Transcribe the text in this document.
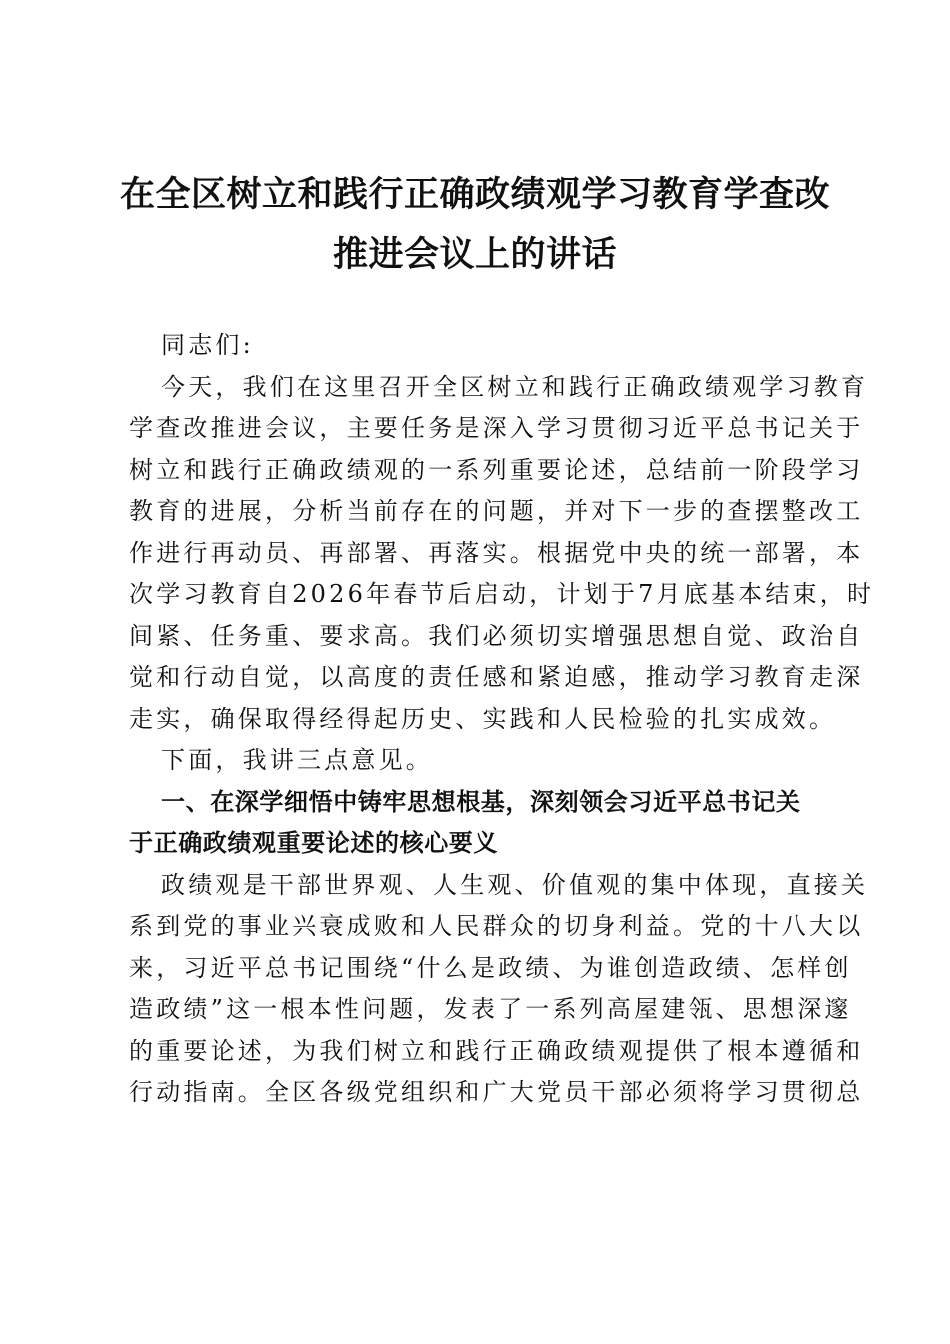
在全区树立和践行正确政绩观学习教育学查改
推进会议上的讲话

同志们:

今天，我们在这里召开全区树立和践行正确政绩观学习教育
学查改推进会议，主要任务是深入学习贯彻习近平总书记关于
树立和践行正确政绩观的一系列重要论述，总结前一阶段学习
教育的进展，分析当前存在的问题，并对下一步的查摆整改工
作进行再动员、再部署、再落实。根据党中央的统一部署，本
次学习教育自2026年春节后启动，计划于7月底基本结束，时
间紧、任务重、要求高。我们必须切实增强思想自觉、政治自
觉和行动自觉，以高度的责任感和紧迫感，推动学习教育走深
走实，确保取得经得起历史、实践和人民检验的扎实成效。

下面，我讲三点意见。

一、在深学细悟中铸牢思想根基，深刻领会习近平总书记关
于正确政绩观重要论述的核心要义

政绩观是干部世界观、人生观、价值观的集中体现，直接关
系到党的事业兴衰成败和人民群众的切身利益。党的十八大以
来，习近平总书记围绕“什么是政绩、为谁创造政绩、怎样创
造政绩”这一根本性问题，发表了一系列高屋建瓴、思想深邃
的重要论述，为我们树立和践行正确政绩观提供了根本遵循和
行动指南。全区各级党组织和广大党员干部必须将学习贯彻总
